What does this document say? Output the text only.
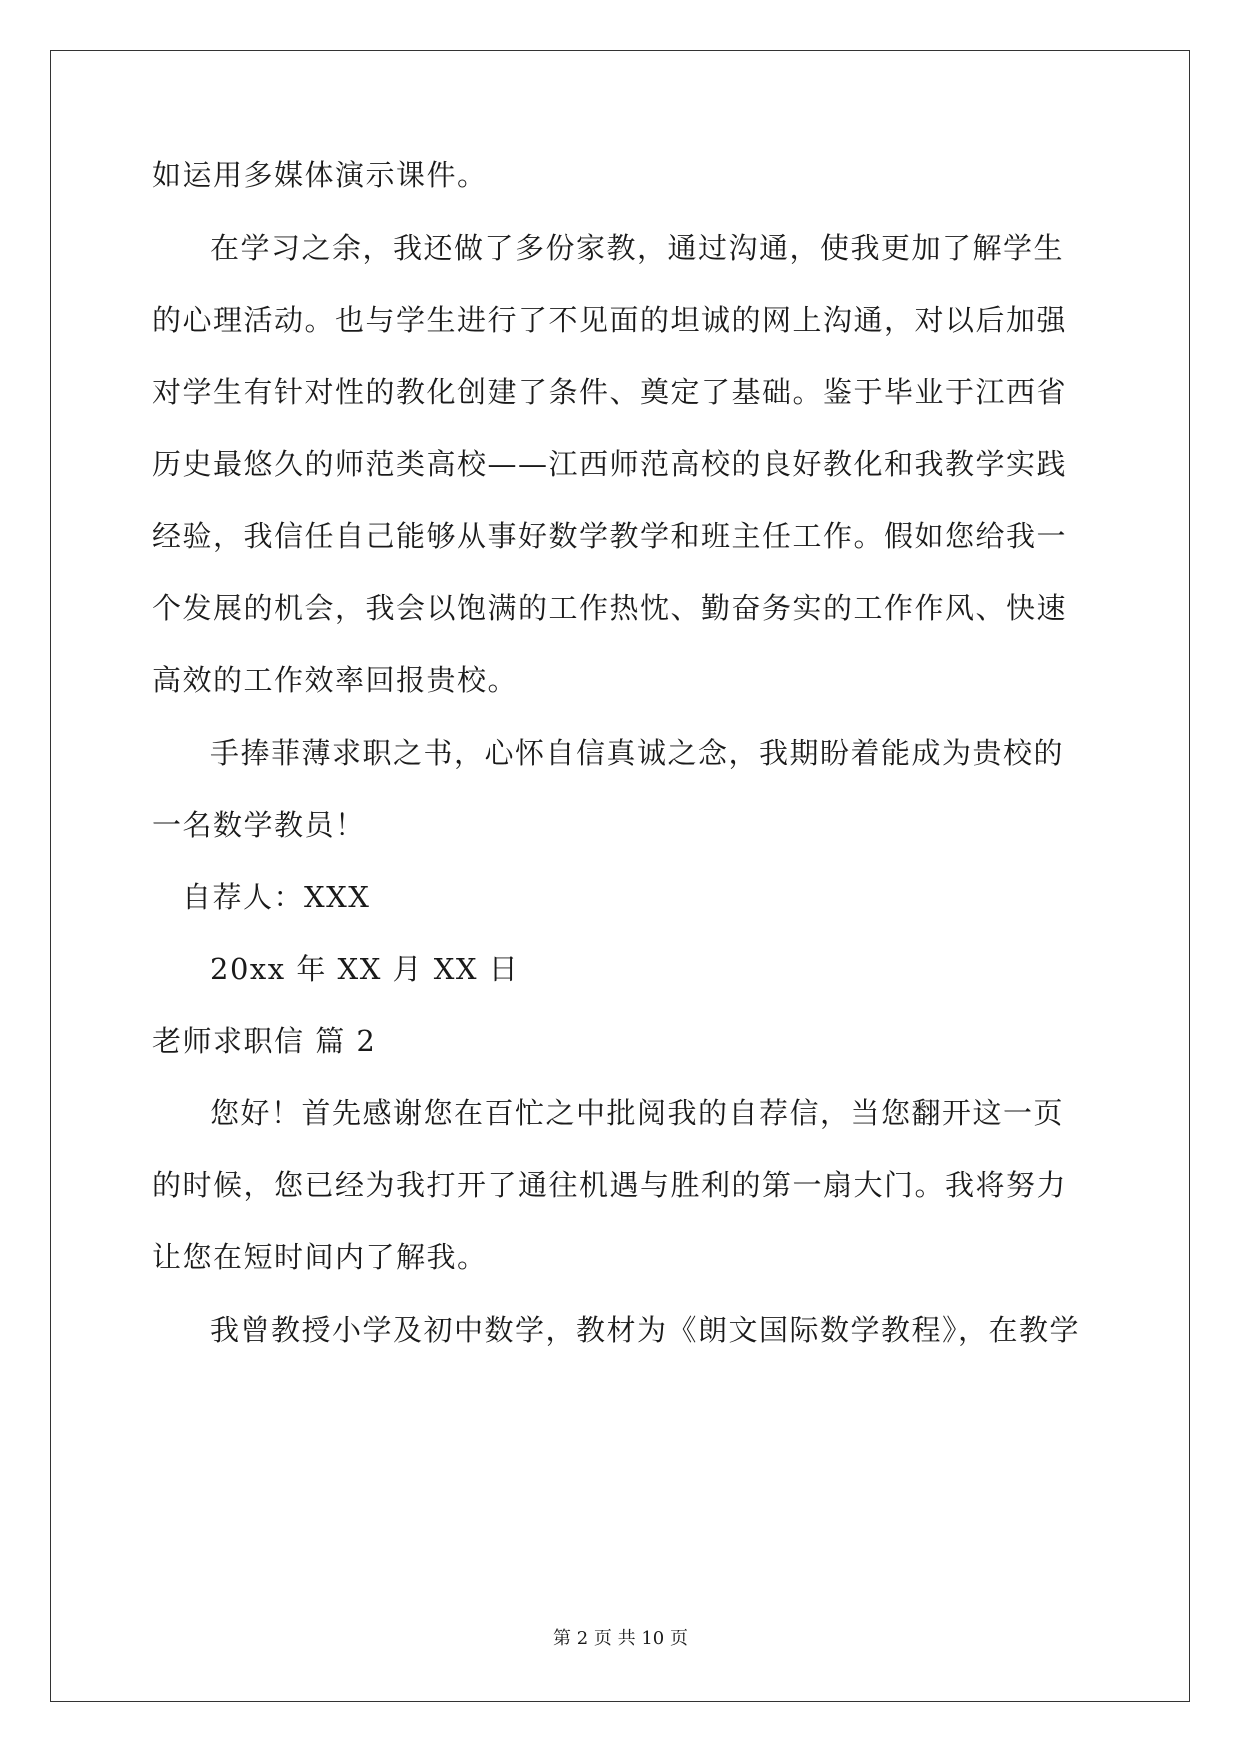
如运用多媒体演示课件。
在学习之余，我还做了多份家教，通过沟通，使我更加了解学生
的心理活动。也与学生进行了不见面的坦诚的网上沟通，对以后加强
对学生有针对性的教化创建了条件、奠定了基础。鉴于毕业于江西省
历史最悠久的师范类高校——江西师范高校的良好教化和我教学实践
经验，我信任自己能够从事好数学教学和班主任工作。假如您给我一
个发展的机会，我会以饱满的工作热忱、勤奋务实的工作作风、快速
高效的工作效率回报贵校。
手捧菲薄求职之书，心怀自信真诚之念，我期盼着能成为贵校的
一名数学教员！
自荐人：XXX
20xx 年 XX 月 XX 日
老师求职信 篇 2
您好！首先感谢您在百忙之中批阅我的自荐信，当您翻开这一页
的时候，您已经为我打开了通往机遇与胜利的第一扇大门。我将努力
让您在短时间内了解我。
我曾教授小学及初中数学，教材为《朗文国际数学教程》，在教学
第 2 页 共 10 页
